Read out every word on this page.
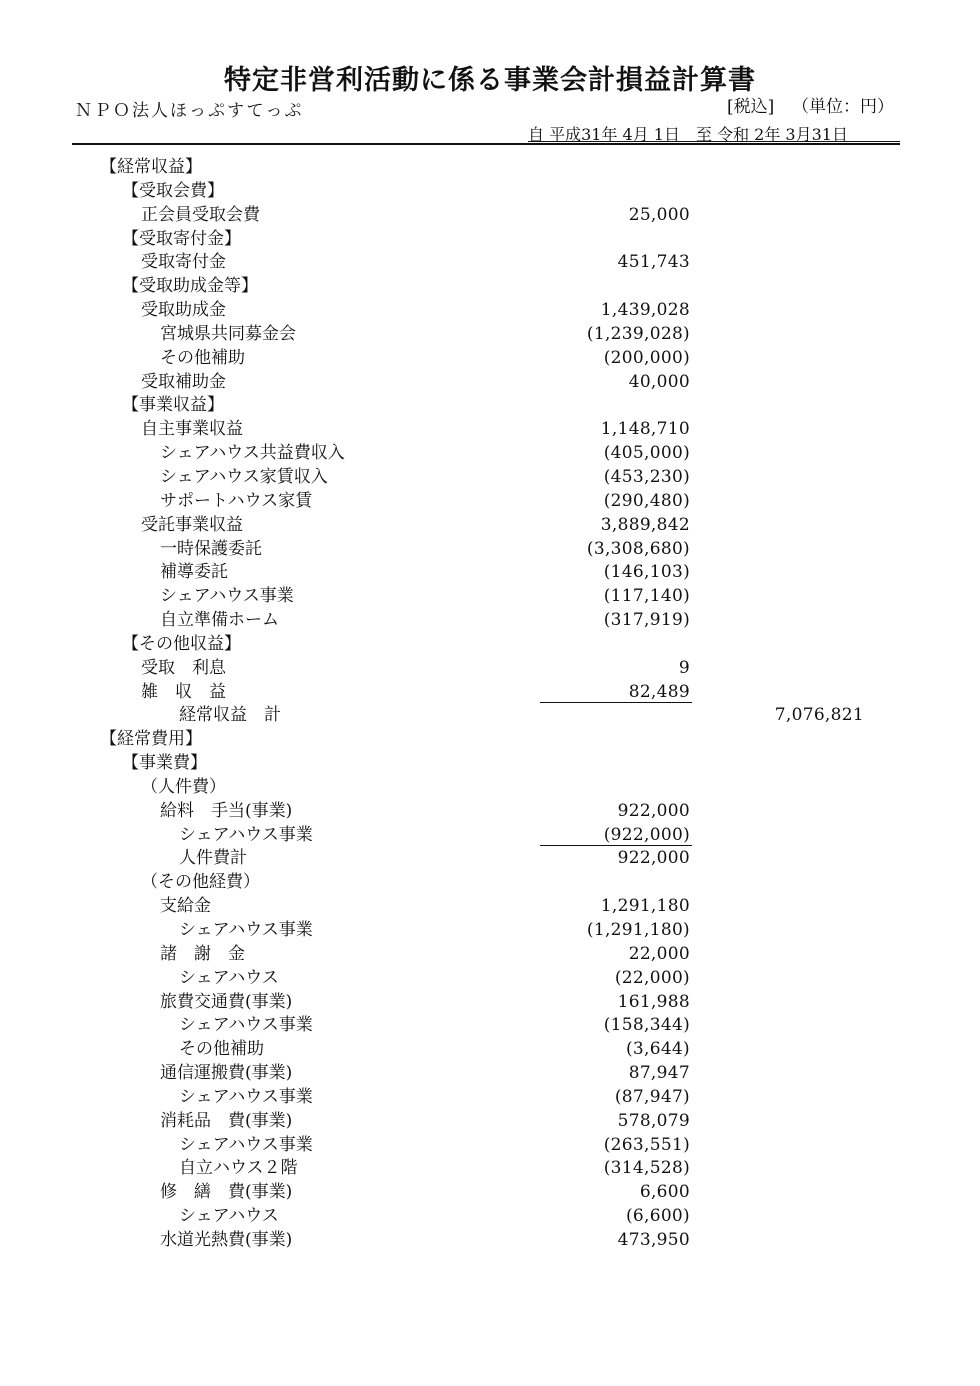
特定非営利活動に係る事業会計損益計算書
ＮＰＯ法人ほっぷすてっぷ	[税込] （単位：円）
自 平成31年 4月 1日　至 令和 2年 3月31日
【経常収益】
【受取会費】
正会員受取会費	25,000
【受取寄付金】
受取寄付金	451,743
【受取助成金等】
受取助成金	1,439,028
宮城県共同募金会	(1,239,028)
その他補助	(200,000)
受取補助金	40,000
【事業収益】
自主事業収益	1,148,710
シェアハウス共益費収入	(405,000)
シェアハウス家賃収入	(453,230)
サポートハウス家賃	(290,480)
受託事業収益	3,889,842
一時保護委託	(3,308,680)
補導委託	(146,103)
シェアハウス事業	(117,140)
自立準備ホーム	(317,919)
【その他収益】
受取　利息	9
雑　収　益	82,489
経常収益　計	7,076,821
【経常費用】
【事業費】
（人件費）
給料　手当(事業)	922,000
シェアハウス事業	(922,000)
人件費計	922,000
（その他経費）
支給金	1,291,180
シェアハウス事業	(1,291,180)
諸　謝　金	22,000
シェアハウス	(22,000)
旅費交通費(事業)	161,988
シェアハウス事業	(158,344)
その他補助	(3,644)
通信運搬費(事業)	87,947
シェアハウス事業	(87,947)
消耗品　費(事業)	578,079
シェアハウス事業	(263,551)
自立ハウス２階	(314,528)
修　繕　費(事業)	6,600
シェアハウス	(6,600)
水道光熱費(事業)	473,950
